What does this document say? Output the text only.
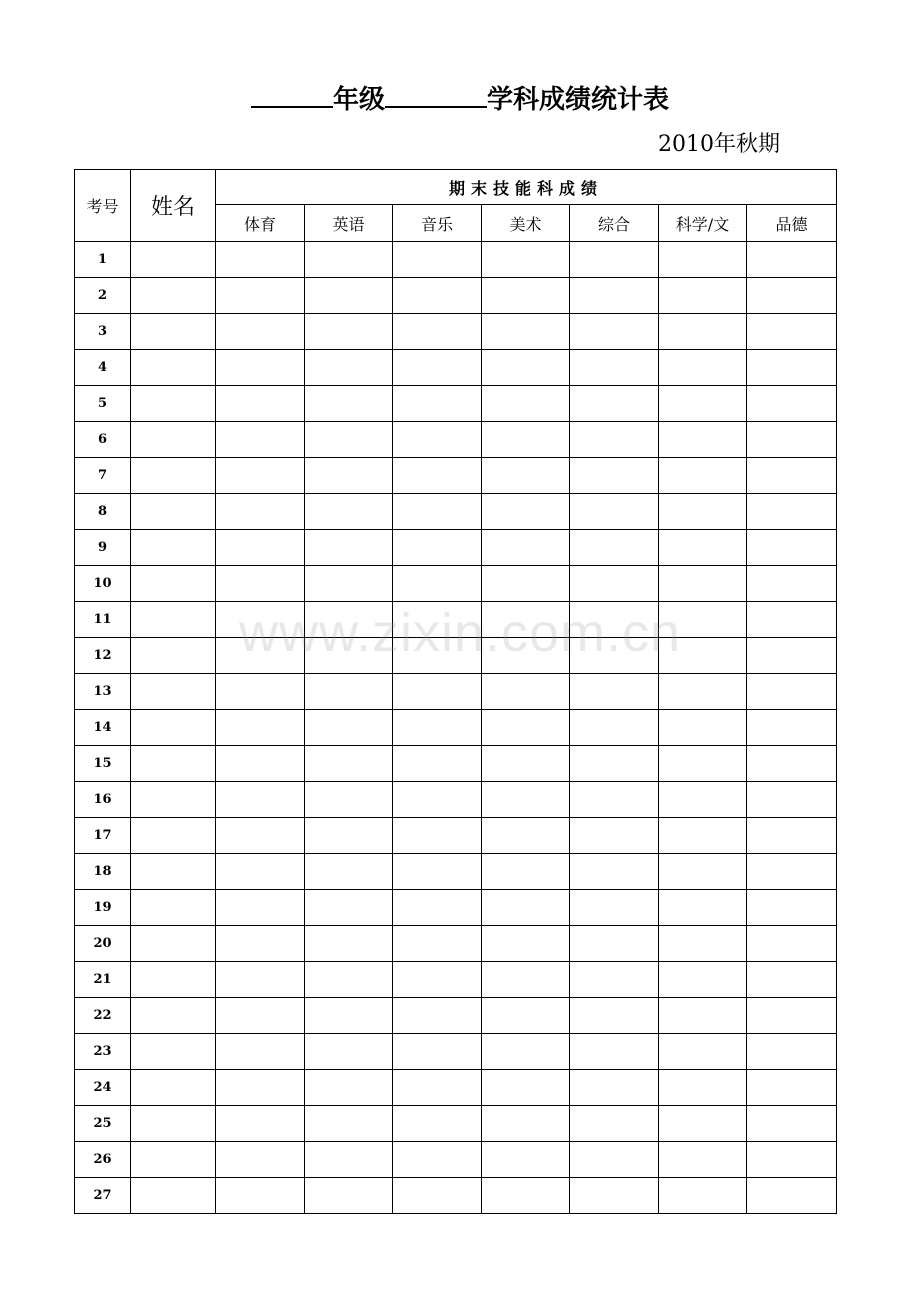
年级	学科成绩统计表
2010年秋期
考号	姓名	期末技能科成绩						
		体育	英语	音乐	美术	综合	科学/文	品德
1								
2								
3								
4								
5								
6								
7								
8								
9								
10								
11								
12								
13								
14								
15								
16								
17								
18								
19								
20								
21								
22								
23								
24								
25								
26								
27								
www.zixin.com.cn
